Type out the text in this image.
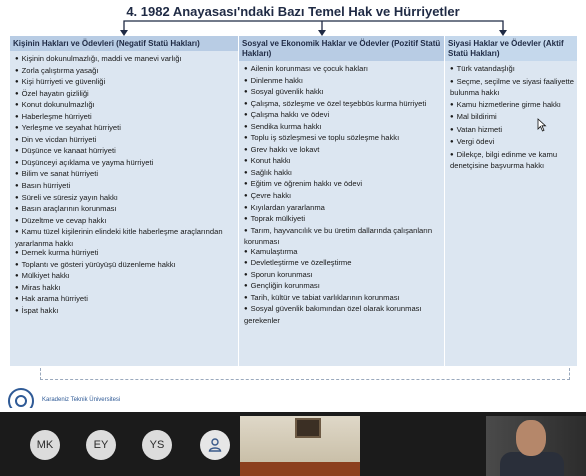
4. 1982 Anayasası'ndaki Bazı Temel Hak ve Hürriyetler
Kişinin Hakları ve Ödevleri (Negatif Statü Hakları)
● Kişinin dokunulmazlığı, maddi ve manevi varlığı
● Zorla çalıştırma yasağı
● Kişi hürriyeti ve güvenliği
● Özel hayatın gizliliği
● Konut dokunulmazlığı
● Haberleşme hürriyeti
● Yerleşme ve seyahat hürriyeti
● Din ve vicdan hürriyeti
● Düşünce ve kanaat hürriyeti
● Düşünceyi açıklama ve yayma hürriyeti
● Bilim ve sanat hürriyeti
● Basın hürriyeti
● Süreli ve süresiz yayın hakkı
● Basın araçlarının korunması
● Düzeltme ve cevap hakkı
● Kamu tüzel kişilerinin elindeki kitle haberleşme araçlarından yararlanma hakkı
● Dernek kurma hürriyeti
● Toplantı ve gösteri yürüyüşü düzenleme hakkı
● Mülkiyet hakkı
● Miras hakkı
● Hak arama hürriyeti
● İspat hakkı
Sosyal ve Ekonomik Haklar ve Ödevler (Pozitif Statü Hakları)
● Ailenin korunması ve çocuk hakları
● Dinlenme hakkı
● Sosyal güvenlik hakkı
● Çalışma, sözleşme ve özel teşebbüs kurma hürriyeti
● Çalışma hakkı ve ödevi
● Sendika kurma hakkı
● Toplu iş sözleşmesi ve toplu sözleşme hakkı
● Grev hakkı ve lokavt
● Konut hakkı
● Sağlık hakkı
● Eğitim ve öğrenim hakkı ve ödevi
● Çevre hakkı
● Kıyılardan yararlanma
● Toprak mülkiyeti
● Tarım, hayvancılık ve bu üretim dallarında çalışanların korunması
● Kamulaştırma
● Devletleştirme ve özelleştirme
● Sporun korunması
● Gençliğin korunması
● Tarih, kültür ve tabiat varlıklarının korunması
● Sosyal güvenlik bakımından özel olarak korunması gerekenler
Siyasi Haklar ve Ödevler (Aktif Statü Hakları)
● Türk vatandaşlığı
● Seçme, seçilme ve siyasi faaliyette bulunma hakkı
● Kamu hizmetlerine girme hakkı
● Mal bildirimi
● Vatan hizmeti
● Vergi ödevi
● Dilekçe, bilgi edinme ve kamu denetçisine başvurma hakkı
Karadeniz Teknik Üniversitesi
MK	EY	YS
